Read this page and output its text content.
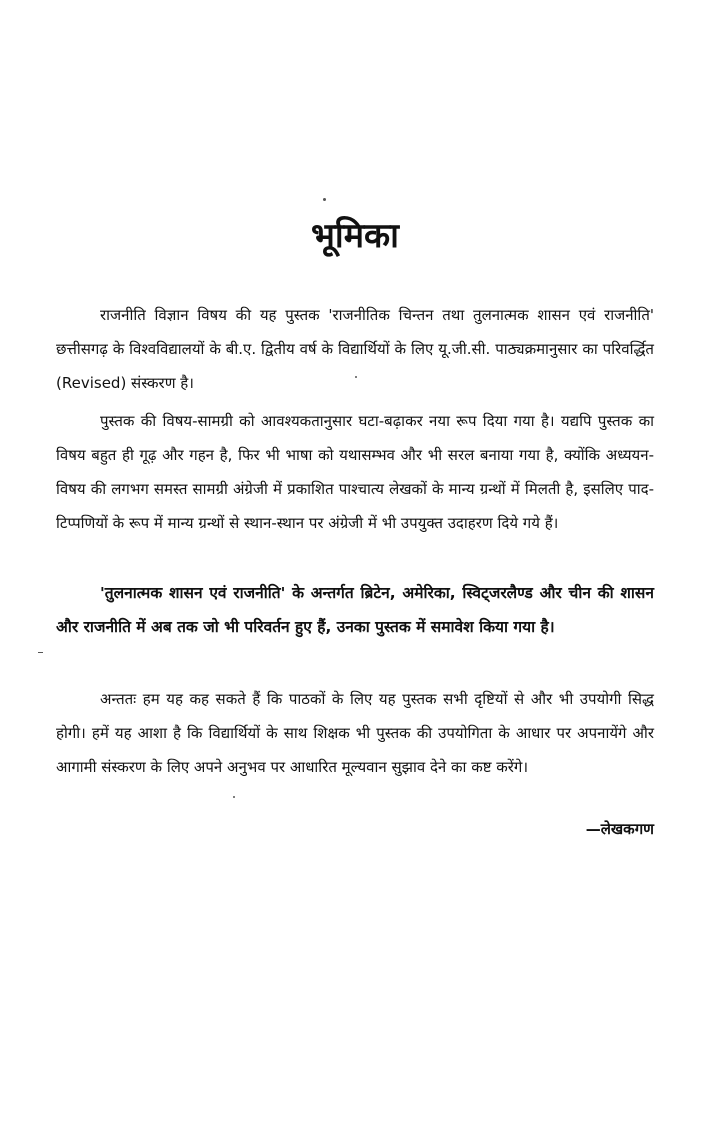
भूमिका

राजनीति विज्ञान विषय की यह पुस्तक 'राजनीतिक चिन्तन तथा तुलनात्मक शासन एवं राजनीति' छत्तीसगढ़ के विश्वविद्यालयों के बी.ए. द्वितीय वर्ष के विद्यार्थियों के लिए यू.जी.सी. पाठ्यक्रमानुसार का परिवर्द्धित (Revised) संस्करण है।

पुस्तक की विषय-सामग्री को आवश्यकतानुसार घटा-बढ़ाकर नया रूप दिया गया है। यद्यपि पुस्तक का विषय बहुत ही गूढ़ और गहन है, फिर भी भाषा को यथासम्भव और भी सरल बनाया गया है, क्योंकि अध्ययन-विषय की लगभग समस्त सामग्री अंग्रेजी में प्रकाशित पाश्चात्य लेखकों के मान्य ग्रन्थों में मिलती है, इसलिए पाद-टिप्पणियों के रूप में मान्य ग्रन्थों से स्थान-स्थान पर अंग्रेजी में भी उपयुक्त उदाहरण दिये गये हैं।

'तुलनात्मक शासन एवं राजनीति' के अन्तर्गत ब्रिटेन, अमेरिका, स्विट्जरलैण्ड और चीन की शासन और राजनीति में अब तक जो भी परिवर्तन हुए हैं, उनका पुस्तक में समावेश किया गया है।

अन्ततः हम यह कह सकते हैं कि पाठकों के लिए यह पुस्तक सभी दृष्टियों से और भी उपयोगी सिद्ध होगी। हमें यह आशा है कि विद्यार्थियों के साथ शिक्षक भी पुस्तक की उपयोगिता के आधार पर अपनायेंगे और आगामी संस्करण के लिए अपने अनुभव पर आधारित मूल्यवान सुझाव देने का कष्ट करेंगे।

—लेखकगण
